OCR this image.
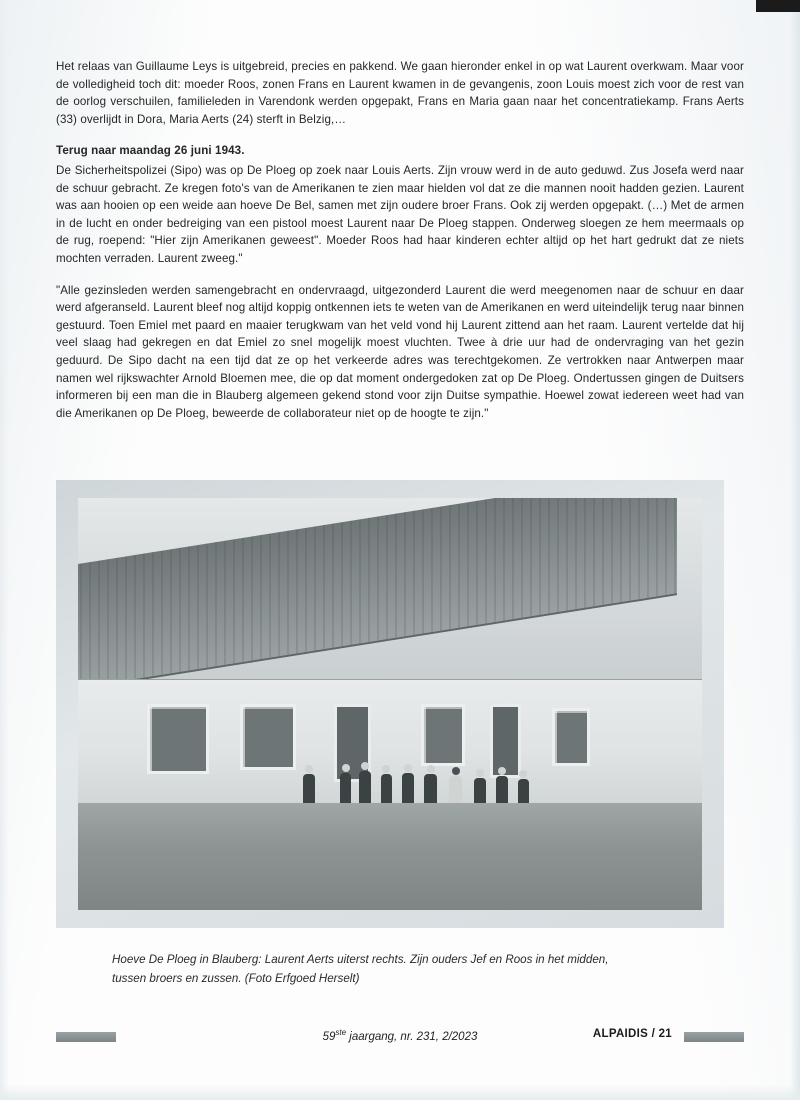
Het relaas van Guillaume Leys is uitgebreid, precies en pakkend. We gaan hieronder enkel in op wat Laurent overkwam. Maar voor de volledigheid toch dit: moeder Roos, zonen Frans en Laurent kwamen in de gevangenis, zoon Louis moest zich voor de rest van de oorlog verschuilen, familieleden in Varendonk werden opgepakt, Frans en Maria gaan naar het concentratiekamp. Frans Aerts (33) overlijdt in Dora, Maria Aerts (24) sterft in Belzig,…

Terug naar maandag 26 juni 1943.

De Sicherheitspolizei (Sipo) was op De Ploeg op zoek naar Louis Aerts. Zijn vrouw werd in de auto geduwd. Zus Josefa werd naar de schuur gebracht. Ze kregen foto's van de Amerikanen te zien maar hielden vol dat ze die mannen nooit hadden gezien. Laurent was aan hooien op een weide aan hoeve De Bel, samen met zijn oudere broer Frans. Ook zij werden opgepakt. (…) Met de armen in de lucht en onder bedreiging van een pistool moest Laurent naar De Ploeg stappen. Onderweg sloegen ze hem meermaals op de rug, roepend: "Hier zijn Amerikanen geweest". Moeder Roos had haar kinderen echter altijd op het hart gedrukt dat ze niets mochten verraden. Laurent zweeg."

"Alle gezinsleden werden samengebracht en ondervraagd, uitgezonderd Laurent die werd meegenomen naar de schuur en daar werd afgeranseld. Laurent bleef nog altijd koppig ontkennen iets te weten van de Amerikanen en werd uiteindelijk terug naar binnen gestuurd. Toen Emiel met paard en maaier terugkwam van het veld vond hij Laurent zittend aan het raam. Laurent vertelde dat hij veel slaag had gekregen en dat Emiel zo snel mogelijk moest vluchten. Twee à drie uur had de ondervraging van het gezin geduurd. De Sipo dacht na een tijd dat ze op het verkeerde adres was terechtgekomen. Ze vertrokken naar Antwerpen maar namen wel rijkswachter Arnold Bloemen mee, die op dat moment ondergedoken zat op De Ploeg. Ondertussen gingen de Duitsers informeren bij een man die in Blauberg algemeen gekend stond voor zijn Duitse sympathie. Hoewel zowat iedereen weet had van die Amerikanen op De Ploeg, beweerde de collaborateur niet op de hoogte te zijn."

Hoeve De Ploeg in Blauberg: Laurent Aerts uiterst rechts. Zijn ouders Jef en Roos in het midden,
tussen broers en zussen. (Foto Erfgoed Herselt)
59ste jaargang, nr. 231, 2/2023	ALPAIDIS / 21
